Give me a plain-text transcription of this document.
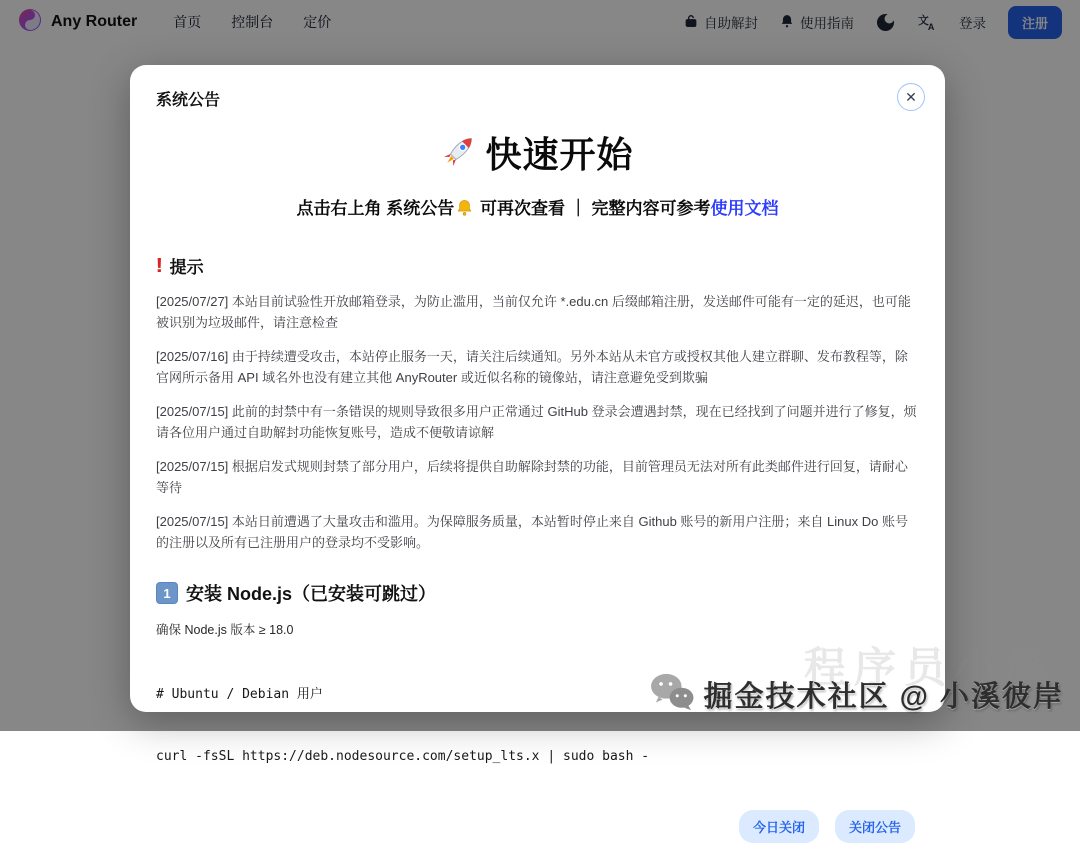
Any Router	首页 控制台 定价	自助解封	使用指南	文
A 登录	注册
系统公告	✕
快速开始
点击右上角 系统公告 可再次查看 ｜ 完整内容可参考使用文档
! 提示

[2025/07/27] 本站目前试验性开放邮箱登录，为防止滥用，当前仅允许 *.edu.cn 后缀邮箱注册，发送邮件可能有一定的延迟，也可能被识别为垃圾邮件，请注意检查

[2025/07/16] 由于持续遭受攻击，本站停止服务一天，请关注后续通知。另外本站从未官方或授权其他人建立群聊、发布教程等，除官网所示备用 API 域名外也没有建立其他 AnyRouter 或近似名称的镜像站，请注意避免受到欺骗

[2025/07/15] 此前的封禁中有一条错误的规则导致很多用户正常通过 GitHub 登录会遭遇封禁，现在已经找到了问题并进行了修复，烦请各位用户通过自助解封功能恢复账号，造成不便敬请谅解

[2025/07/15] 根据启发式规则封禁了部分用户，后续将提供自助解除封禁的功能，目前管理员无法对所有此类邮件进行回复，请耐心等待

[2025/07/15] 本站日前遭遇了大量攻击和滥用。为保障服务质量，本站暂时停止来自 Github 账号的新用户注册；来自 Linux Do 账号的注册以及所有已注册用户的登录均不受影响。

1 安装 Node.js（已安装可跳过）

确保 Node.js 版本 ≥ 18.0

# Ubuntu / Debian 用户

curl -fsSL https://deb.nodesource.com/setup_lts.x | sudo bash -

今日关闭	关闭公告
程序员小溪
掘金技术社区 @ 小溪彼岸
